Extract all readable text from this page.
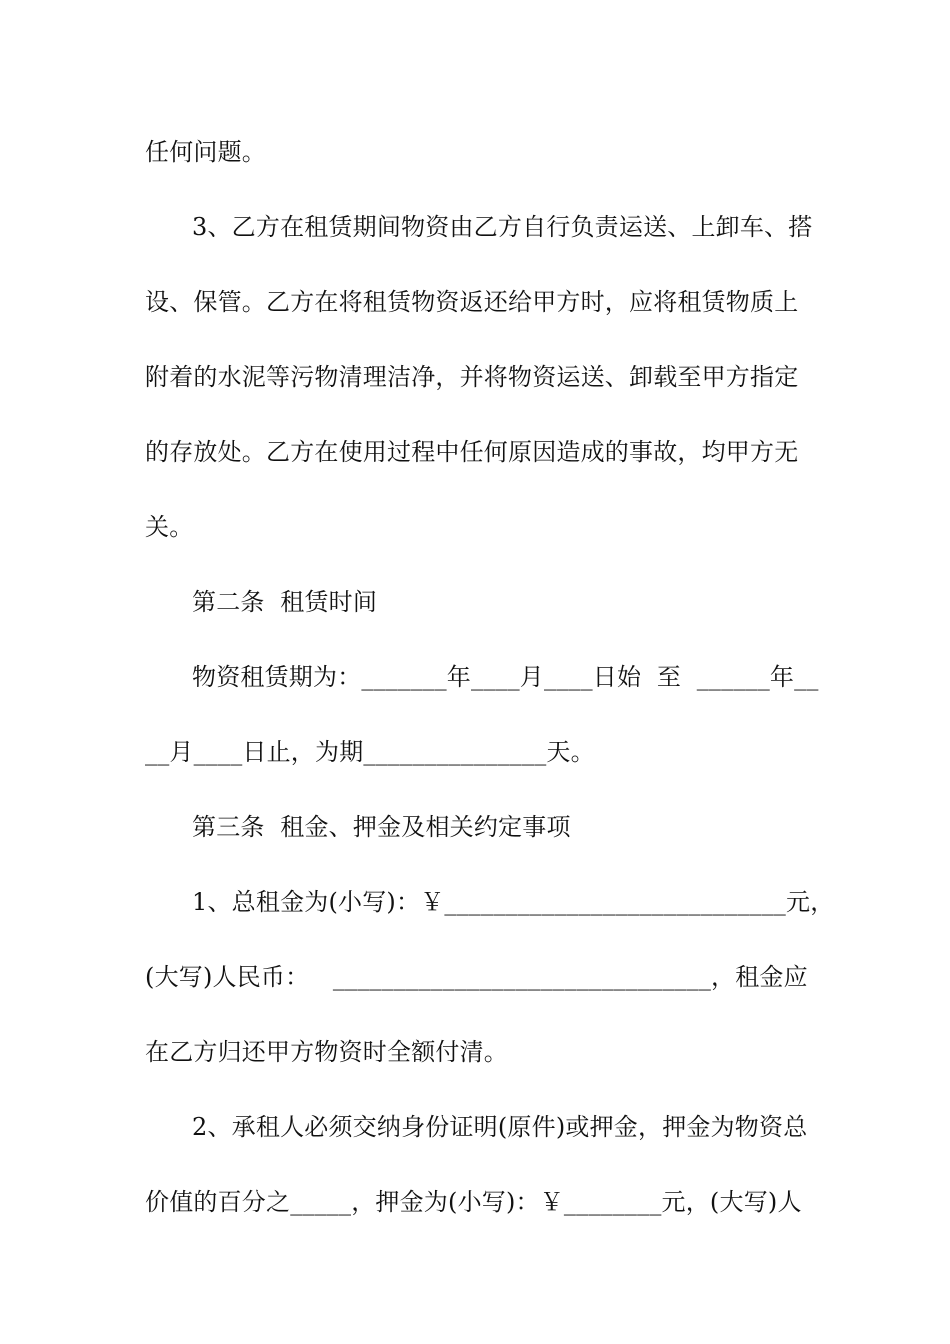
任何问题。
3、乙方在租赁期间物资由乙方自行负责运送、上卸车、搭
设、保管。乙方在将租赁物资返还给甲方时，应将租赁物质上
附着的水泥等污物清理洁净，并将物资运送、卸载至甲方指定
的存放处。乙方在使用过程中任何原因造成的事故，均甲方无
关。
第二条  租赁时间
物资租赁期为：_______年____月____日始  至  ______年__
__月____日止，为期_______________天。
第三条  租金、押金及相关约定事项
1、总租金为(小写)：￥____________________________元，
(大写)人民币：   _______________________________，租金应
在乙方归还甲方物资时全额付清。
2、承租人必须交纳身份证明(原件)或押金，押金为物资总
价值的百分之_____，押金为(小写)：￥________元，(大写)人
